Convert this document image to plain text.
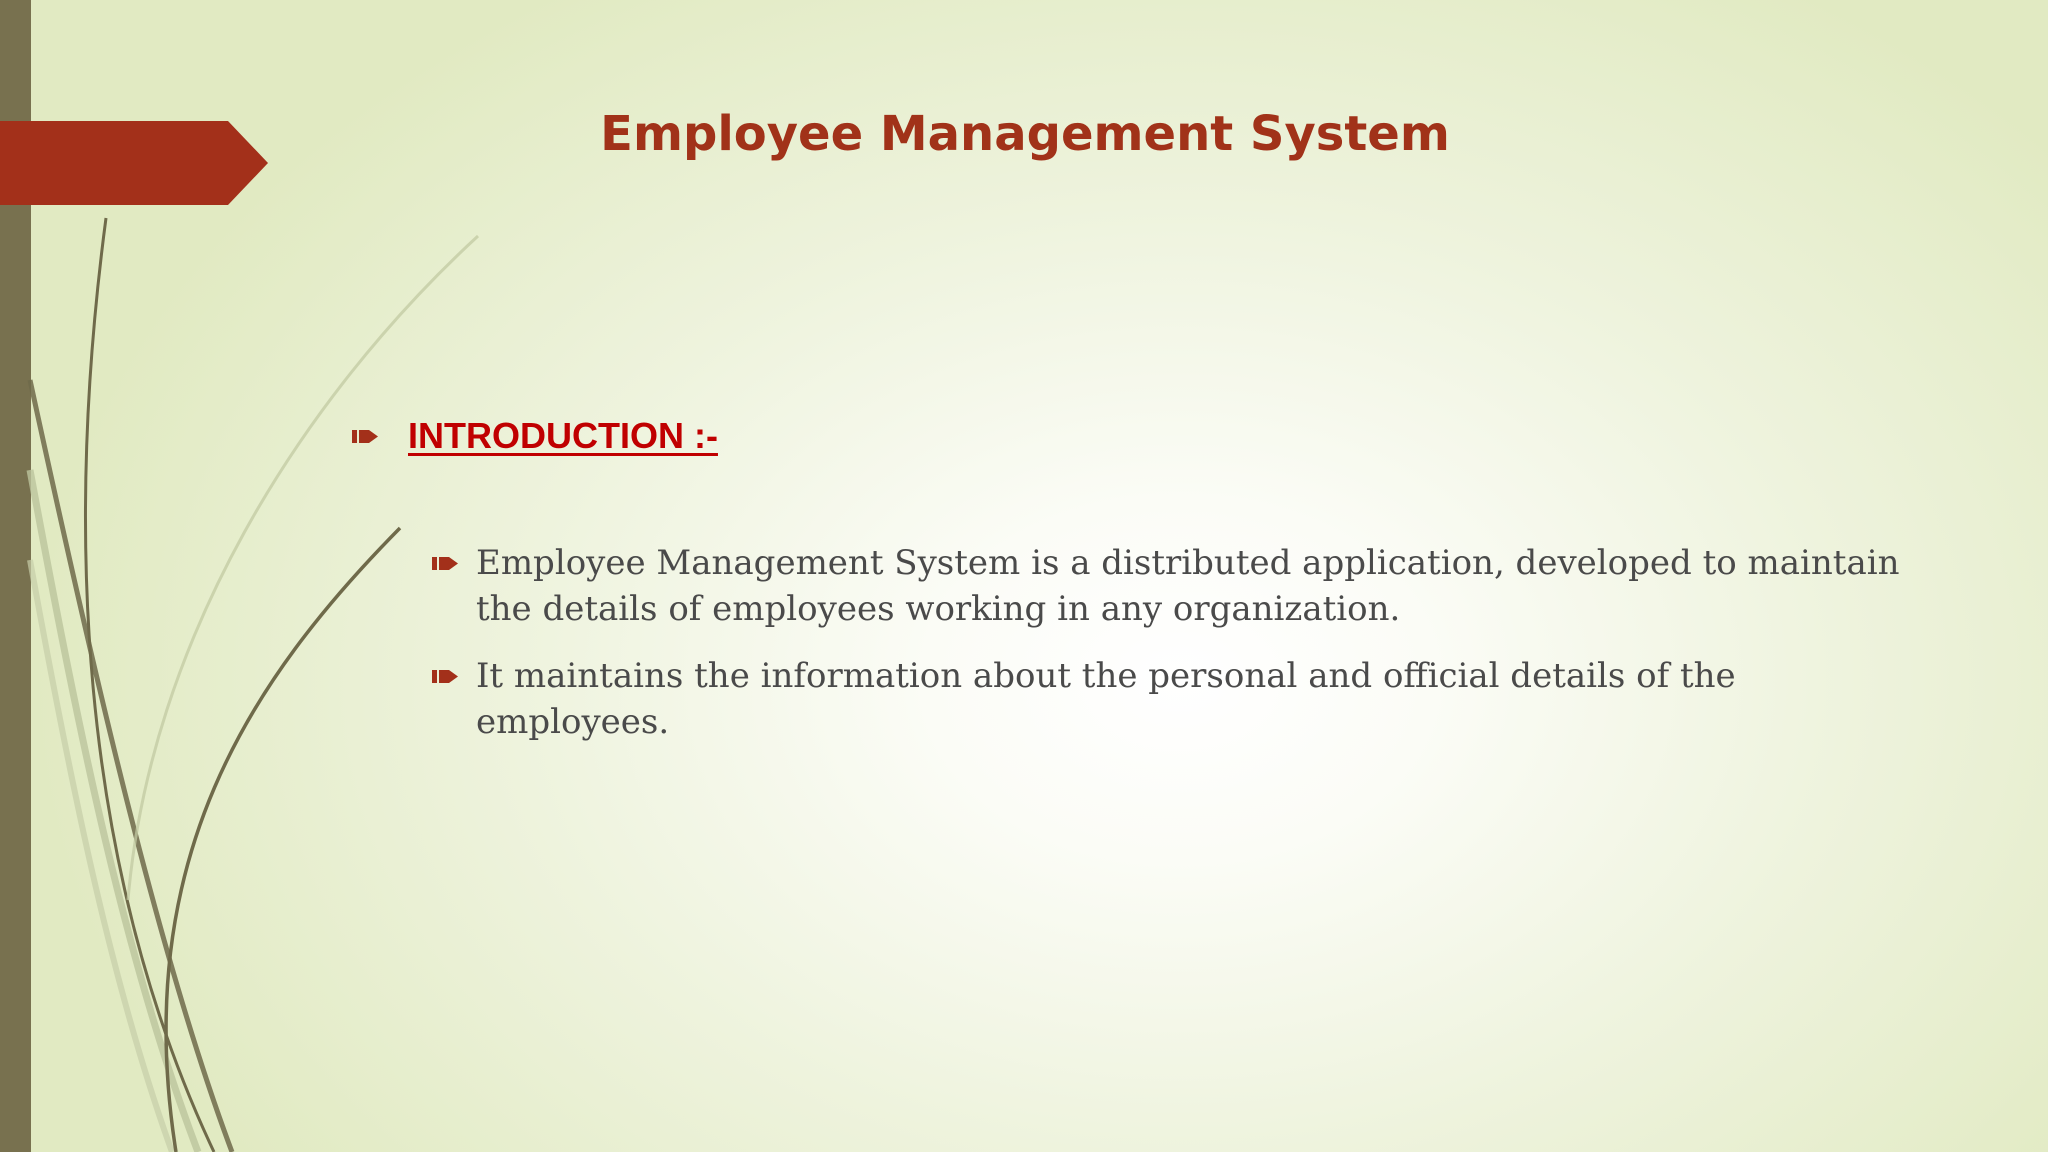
Employee Management System
INTRODUCTION :-
Employee Management System is a distributed application, developed to maintain the details of employees working in any organization.
It maintains the information about the personal and official details of the employees.
